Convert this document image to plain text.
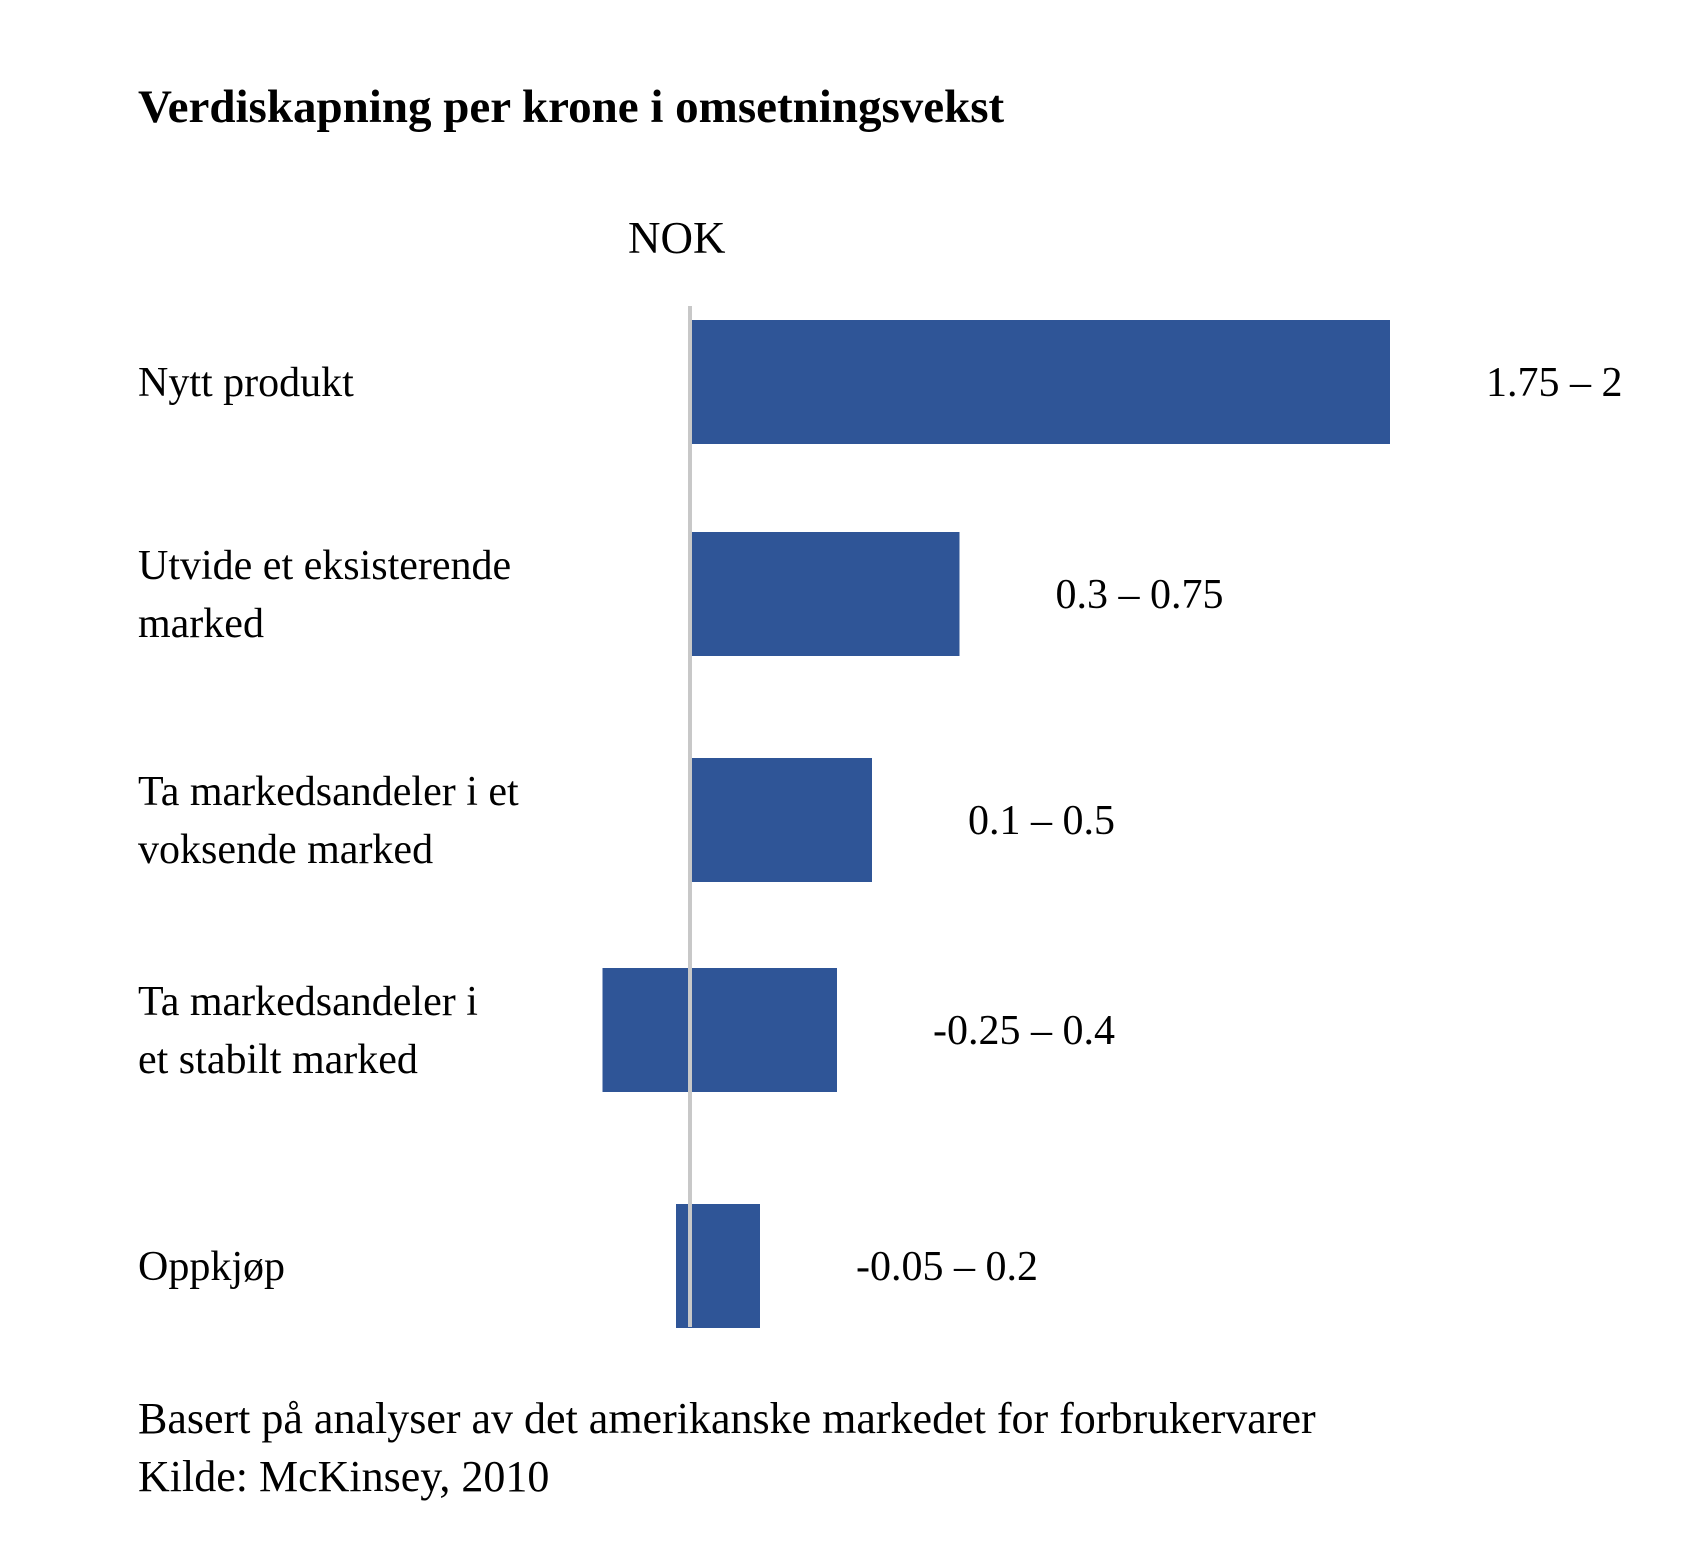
Verdiskapning per krone i omsetningsvekst
NOK
Nytt produkt
Utvide et eksisterende marked
Ta markedsandeler i et voksende marked
Ta markedsandeler i et stabilt marked
Oppkjøp
1.75 – 2
0.3 – 0.75
0.1 – 0.5
-0.25 – 0.4
-0.05 – 0.2
Basert på analyser av det amerikanske markedet for forbrukervarer
Kilde: McKinsey, 2010
